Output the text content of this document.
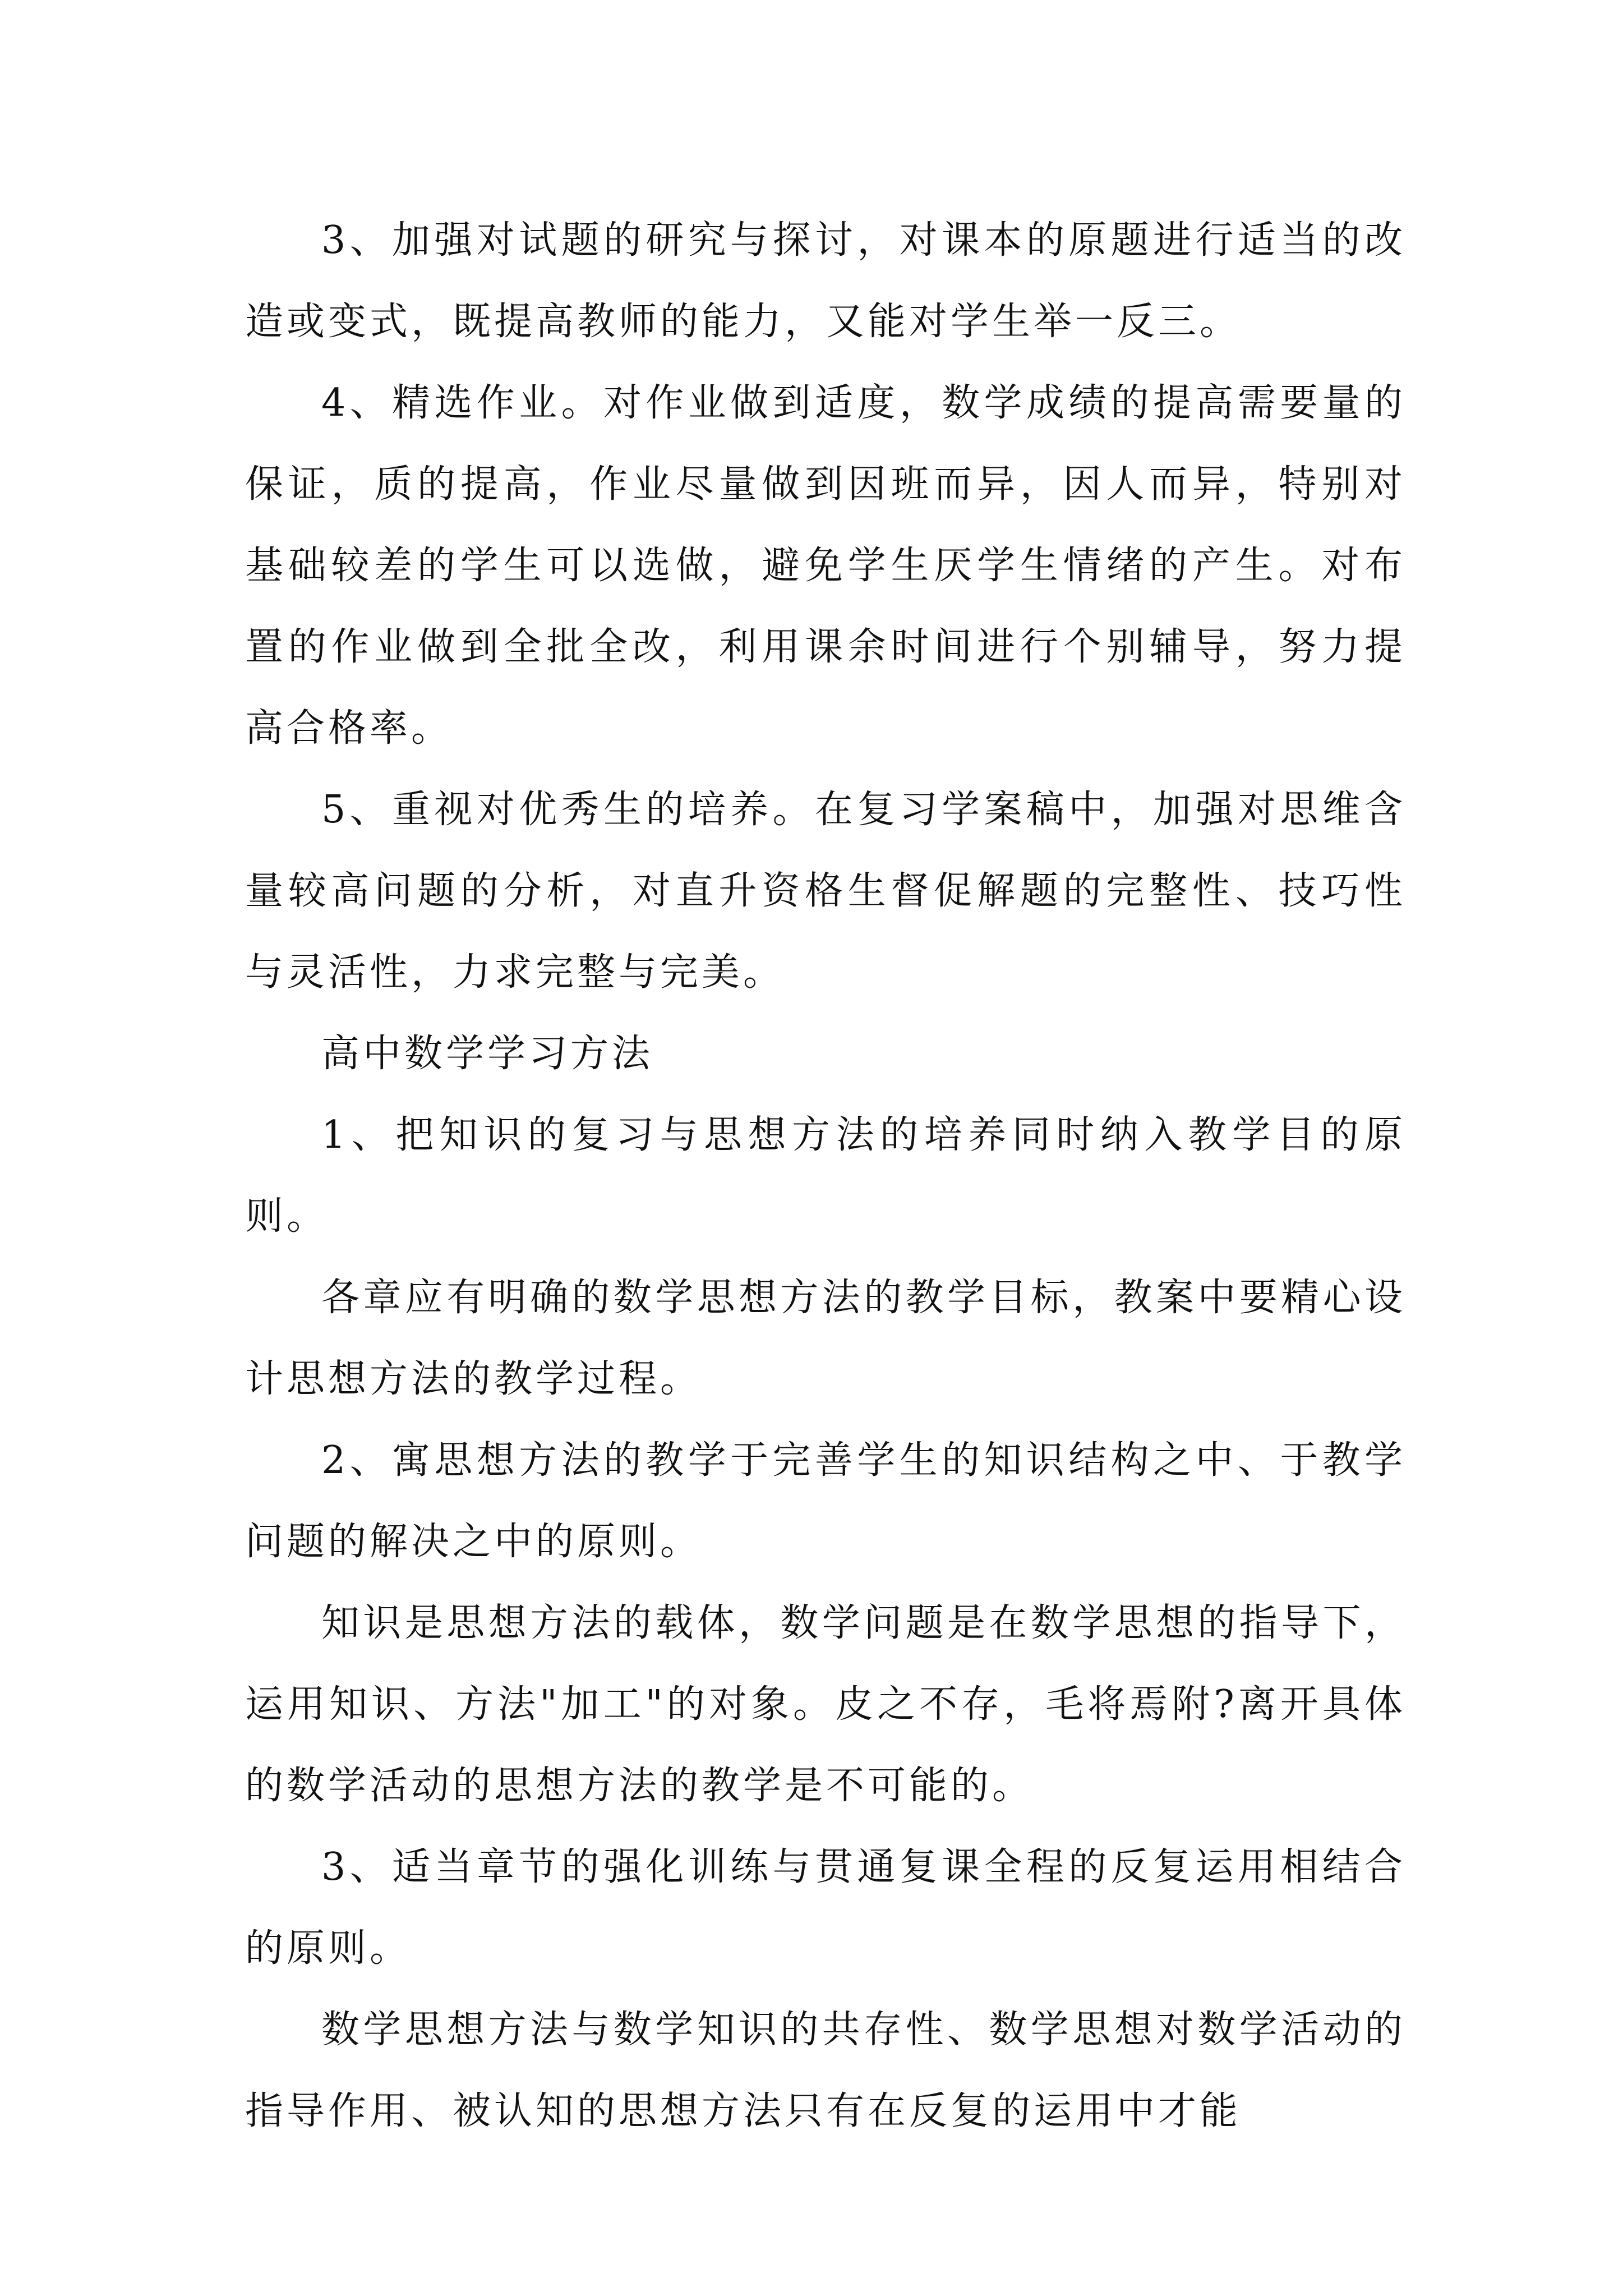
3、加强对试题的研究与探讨，对课本的原题进行适当的改造或变式，既提高教师的能力，又能对学生举一反三。

4、精选作业。对作业做到适度，数学成绩的提高需要量的保证，质的提高，作业尽量做到因班而异，因人而异，特别对基础较差的学生可以选做，避免学生厌学生情绪的产生。对布置的作业做到全批全改，利用课余时间进行个别辅导，努力提高合格率。

5、重视对优秀生的培养。在复习学案稿中，加强对思维含量较高问题的分析，对直升资格生督促解题的完整性、技巧性与灵活性，力求完整与完美。

高中数学学习方法

1、把知识的复习与思想方法的培养同时纳入教学目的原则。

各章应有明确的数学思想方法的教学目标，教案中要精心设计思想方法的教学过程。

2、寓思想方法的教学于完善学生的知识结构之中、于教学问题的解决之中的原则。

知识是思想方法的载体，数学问题是在数学思想的指导下，运用知识、方法"加工"的对象。皮之不存，毛将焉附?离开具体的数学活动的思想方法的教学是不可能的。

3、适当章节的强化训练与贯通复课全程的反复运用相结合的原则。

数学思想方法与数学知识的共存性、数学思想对数学活动的指导作用、被认知的思想方法只有在反复的运用中才能
